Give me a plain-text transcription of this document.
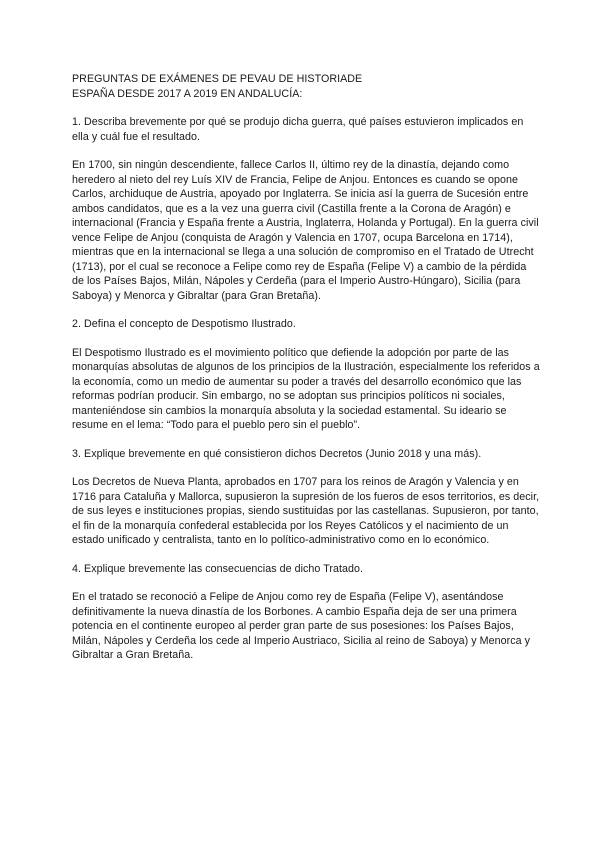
PREGUNTAS DE EXÁMENES DE PEVAU DE HISTORIADE
ESPAÑA DESDE 2017 A 2019 EN ANDALUCÍA:

1. Describa brevemente por qué se produjo dicha guerra, qué países estuvieron implicados en ella y cuál fue el resultado.

En 1700, sin ningún descendiente, fallece Carlos II, último rey de la dinastía, dejando como heredero al nieto del rey Luís XIV de Francia, Felipe de Anjou. Entonces es cuando se opone Carlos, archiduque de Austria, apoyado por Inglaterra. Se inicia así la guerra de Sucesión entre ambos candidatos, que es a la vez una guerra civil (Castilla frente a la Corona de Aragón) e internacional (Francia y España frente a Austria, Inglaterra, Holanda y Portugal). En la guerra civil vence Felipe de Anjou (conquista de Aragón y Valencia en 1707, ocupa Barcelona en 1714), mientras que en la internacional se llega a una solución de compromiso en el Tratado de Utrecht (1713), por el cual se reconoce a Felipe como rey de España (Felipe V) a cambio de la pérdida de los Países Bajos, Milán, Nápoles y Cerdeña (para el Imperio Austro-Húngaro), Sicilia (para Saboya) y Menorca y Gibraltar (para Gran Bretaña).

2. Defina el concepto de Despotismo Ilustrado.

El Despotismo Ilustrado es el movimiento político que defiende la adopción por parte de las monarquías absolutas de algunos de los principios de la Ilustración, especialmente los referidos a la economía, como un medio de aumentar su poder a través del desarrollo económico que las reformas podrían producir. Sin embargo, no se adoptan sus principios políticos ni sociales, manteniéndose sin cambios la monarquía absoluta y la sociedad estamental. Su ideario se resume en el lema: “Todo para el pueblo pero sin el pueblo”.

3. Explique brevemente en qué consistieron dichos Decretos (Junio 2018 y una más).

Los Decretos de Nueva Planta, aprobados en 1707 para los reinos de Aragón y Valencia y en 1716 para Cataluña y Mallorca, supusieron la supresión de los fueros de esos territorios, es decir, de sus leyes e instituciones propias, siendo sustituidas por las castellanas. Supusieron, por tanto, el fin de la monarquía confederal establecida por los Reyes Católicos y el nacimiento de un estado unificado y centralista, tanto en lo político-administrativo como en lo económico.

4. Explique brevemente las consecuencias de dicho Tratado.

En el tratado se reconoció a Felipe de Anjou como rey de España (Felipe V), asentándose definitivamente la nueva dinastía de los Borbones. A cambio España deja de ser una primera potencia en el continente europeo al perder gran parte de sus posesiones: los Países Bajos, Milán, Nápoles y Cerdeña los cede al Imperio Austriaco, Sicilia al reino de Saboya) y Menorca y Gibraltar a Gran Bretaña.
